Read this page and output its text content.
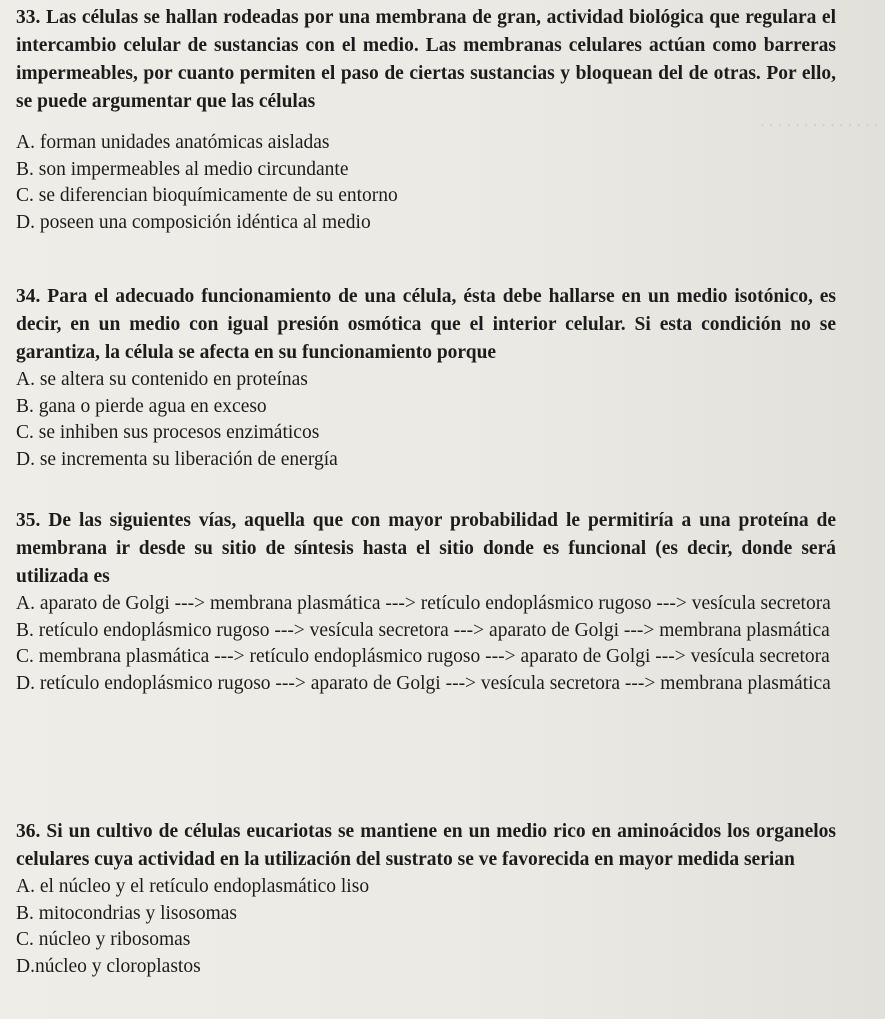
· · · · · · · · · · · · · ·

33. Las células se hallan rodeadas por una membrana de gran, actividad biológica que regulara el intercambio celular de sustancias con el medio. Las membranas celulares actúan como barreras impermeables, por cuanto permiten el paso de ciertas sustancias y bloquean del de otras. Por ello, se puede argumentar que las células

A. forman unidades anatómicas aisladas

B. son impermeables al medio circundante

C. se diferencian bioquímicamente de su entorno

D. poseen una composición idéntica al medio

34. Para el adecuado funcionamiento de una célula, ésta debe hallarse en un medio isotónico, es decir, en un medio con igual presión osmótica que el interior celular. Si esta condición no se garantiza, la célula se afecta en su funcionamiento porque

A. se altera su contenido en proteínas

B. gana o pierde agua en exceso

C. se inhiben sus procesos enzimáticos

D. se incrementa su liberación de energía

35. De las siguientes vías, aquella que con mayor probabilidad le permitiría a una proteína de membrana ir desde su sitio de síntesis hasta el sitio donde es funcional (es decir, donde será utilizada es

A. aparato de Golgi ---> membrana plasmática ---> retículo endoplásmico rugoso ---> vesícula secretora

B. retículo endoplásmico rugoso ---> vesícula secretora ---> aparato de Golgi ---> membrana plasmática

C. membrana plasmática ---> retículo endoplásmico rugoso ---> aparato de Golgi ---> vesícula secretora

D. retículo endoplásmico rugoso ---> aparato de Golgi ---> vesícula secretora ---> membrana plasmática

36. Si un cultivo de células eucariotas se mantiene en un medio rico en aminoácidos los organelos celulares cuya actividad en la utilización del sustrato se ve favorecida en mayor medida serian

A. el núcleo y el retículo endoplasmático liso

B. mitocondrias y lisosomas

C. núcleo y ribosomas

D.núcleo y cloroplastos
